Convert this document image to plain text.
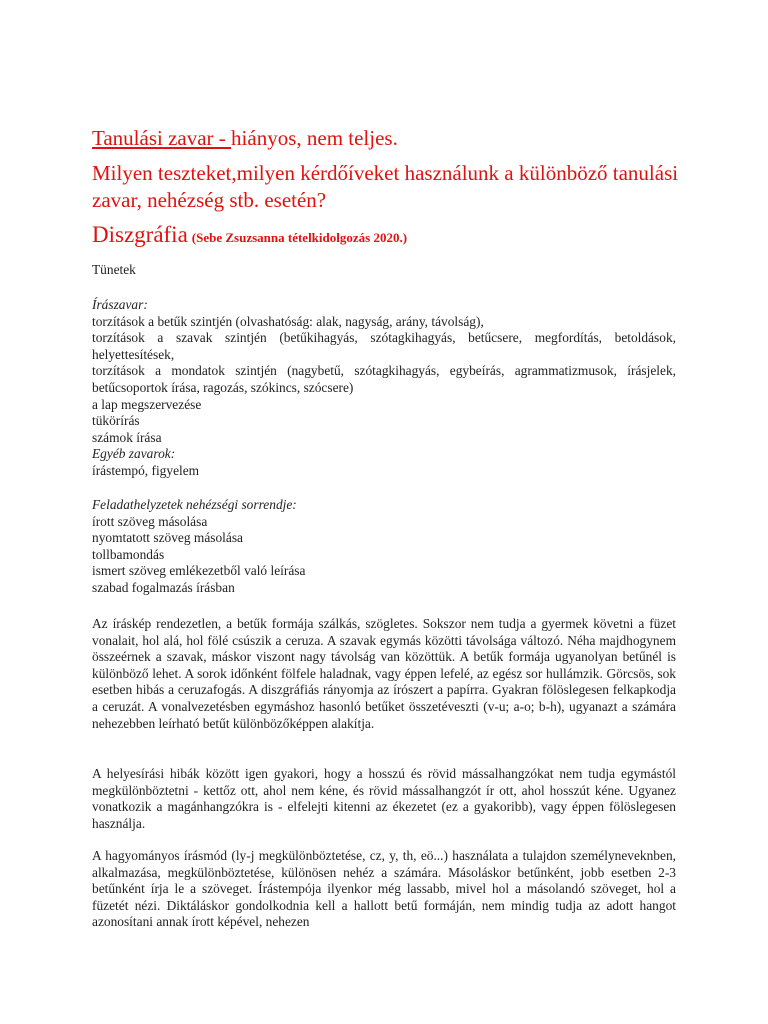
Tanulási zavar - hiányos, nem teljes.
Milyen teszteket,milyen kérdőíveket használunk a különböző tanulási zavar, nehézség stb. esetén?
Diszgráfia (Sebe Zsuzsanna tételkidolgozás 2020.)
Tünetek
Írászavar:
torzítások a betűk szintjén (olvashatóság: alak, nagyság, arány, távolság),
torzítások a szavak szintjén (betűkihagyás, szótagkihagyás, betűcsere, megfordítás, betoldások, helyettesítések,
torzítások a mondatok szintjén (nagybetű, szótagkihagyás, egybeírás, agrammatizmusok, írásjelek, betűcsoportok írása, ragozás, szókincs, szócsere)
a lap megszervezése
tükörírás
számok írása
Egyéb zavarok:
írástempó, figyelem
Feladathelyzetek nehézségi sorrendje:
írott szöveg másolása
nyomtatott szöveg másolása
tollbamondás
ismert szöveg emlékezetből való leírása
szabad fogalmazás írásban
Az íráskép rendezetlen, a betűk formája szálkás, szögletes. Sokszor nem tudja a gyermek követni a füzet vonalait, hol alá, hol fölé csúszik a ceruza. A szavak egymás közötti távolsága változó. Néha majdhogynem összeérnek a szavak, máskor viszont nagy távolság van közöttük. A betűk formája ugyanolyan betűnél is különböző lehet. A sorok időnként fölfele haladnak, vagy éppen lefelé, az egész sor hullámzik. Görcsös, sok esetben hibás a ceruzafogás. A diszgráfiás rányomja az írószert a papírra. Gyakran fölöslegesen felkapkodja a ceruzát. A vonalvezetésben egymáshoz hasonló betűket összetéveszti (v-u; a-o; b-h), ugyanazt a számára nehezebben leírható betűt különbözőképpen alakítja.
A helyesírási hibák között igen gyakori, hogy a hosszú és rövid mássalhangzókat nem tudja egymástól megkülönböztetni - kettőz ott, ahol nem kéne, és rövid mássalhangzót ír ott, ahol hosszút kéne. Ugyanez vonatkozik a magánhangzókra is - elfelejti kitenni az ékezetet (ez a gyakoribb), vagy éppen fölöslegesen használja.
A hagyományos írásmód (ly-j megkülönböztetése, cz, y, th, eö...) használata a tulajdon személyneveknben, alkalmazása, megkülönböztetése, különösen nehéz a számára. Másoláskor betűnként, jobb esetben 2-3 betűnként írja le a szöveget. Írástempója ilyenkor még lassabb, mivel hol a másolandó szöveget, hol a füzetét nézi. Diktáláskor gondolkodnia kell a hallott betű formáján, nem mindig tudja az adott hangot azonosítani annak írott képével, nehezen
